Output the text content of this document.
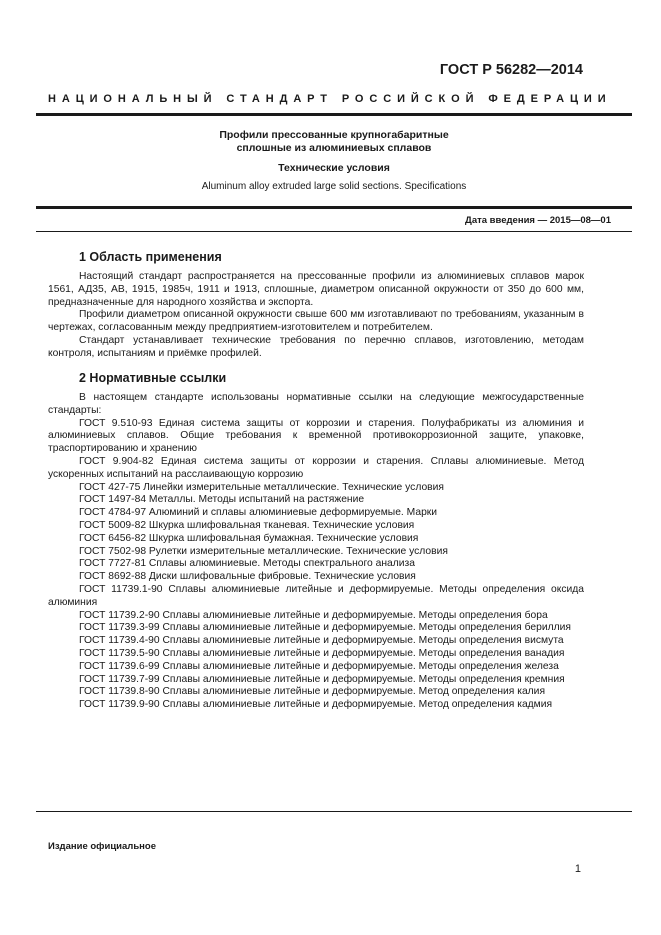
ГОСТ Р 56282—2014
НАЦИОНАЛЬНЫЙ СТАНДАРТ РОССИЙСКОЙ ФЕДЕРАЦИИ
Профили прессованные крупногабаритные
сплошные из алюминиевых сплавов
Технические условия
Aluminum alloy extruded large solid sections. Specifications
Дата введения — 2015—08—01
1 Область применения

Настоящий стандарт распространяется на прессованные профили из алюминиевых сплавов марок 1561, АД35, АВ, 1915, 1985ч, 1911 и 1913, сплошные, диаметром описанной окружности от 350 до 600 мм, предназначенные для народного хозяйства и экспорта.

Профили диаметром описанной окружности свыше 600 мм изготавливают по требованиям, указанным в чертежах, согласованным между предприятием-изготовителем и потребителем.

Стандарт устанавливает технические требования по перечню сплавов, изготовлению, методам контроля, испытаниям и приёмке профилей.

2 Нормативные ссылки

В настоящем стандарте использованы нормативные ссылки на следующие межгосударственные стандарты:

ГОСТ 9.510-93 Единая система защиты от коррозии и старения. Полуфабрикаты из алюминия и алюминиевых сплавов. Общие требования к временной противокоррозионной защите, упаковке, траспортированию и хранению

ГОСТ 9.904-82 Единая система защиты от коррозии и старения. Сплавы алюминиевые. Метод ускоренных испытаний на расслаивающую коррозию

ГОСТ 427-75 Линейки измерительные металлические. Технические условия

ГОСТ 1497-84 Металлы. Методы испытаний на растяжение

ГОСТ 4784-97 Алюминий и сплавы алюминиевые деформируемые. Марки

ГОСТ 5009-82 Шкурка шлифовальная тканевая. Технические условия

ГОСТ 6456-82 Шкурка шлифовальная бумажная. Технические условия

ГОСТ 7502-98 Рулетки измерительные металлические. Технические условия

ГОСТ 7727-81 Сплавы алюминиевые. Методы спектрального анализа

ГОСТ 8692-88 Диски шлифовальные фибровые. Технические условия

ГОСТ 11739.1-90 Сплавы алюминиевые литейные и деформируемые. Методы определения оксида алюминия

ГОСТ 11739.2-90 Сплавы алюминиевые литейные и деформируемые. Методы определения бора

ГОСТ 11739.3-99 Сплавы алюминиевые литейные и деформируемые. Методы определения бериллия

ГОСТ 11739.4-90 Сплавы алюминиевые литейные и деформируемые. Методы определения висмута

ГОСТ 11739.5-90 Сплавы алюминиевые литейные и деформируемые. Методы определения ванадия

ГОСТ 11739.6-99 Сплавы алюминиевые литейные и деформируемые. Методы определения железа

ГОСТ 11739.7-99 Сплавы алюминиевые литейные и деформируемые. Методы определения кремния

ГОСТ 11739.8-90 Сплавы алюминиевые литейные и деформируемые. Метод определения калия

ГОСТ 11739.9-90 Сплавы алюминиевые литейные и деформируемые. Метод определения кадмия

Издание официальное
1
